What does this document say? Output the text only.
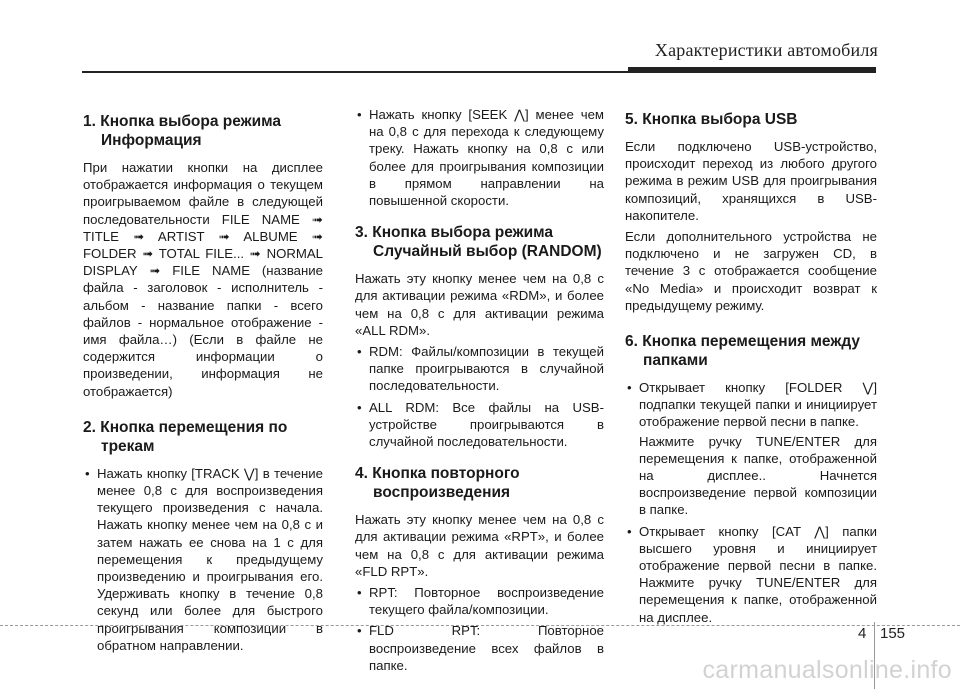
Характеристики автомобиля
1. Кнопка выбора режима Информация

При нажатии кнопки на дисплее отображается информация о текущем проигрываемом файле в следующей последовательности FILE NAME ➟ TITLE ➟ ARTIST ➟ ALBUME ➟ FOLDER ➟ TOTAL FILE... ➟ NORMAL DISPLAY ➟ FILE NAME (название файла - заголовок - исполнитель - альбом - название папки - всего файлов - нормальное отображение - имя файла…) (Если в файле не содержится информации о произведении, информация не отображается)

2. Кнопка перемещения по трекам
• Нажать кнопку [TRACK ⋁] в течение менее 0,8 с для воспроизведения текущего произведения с начала. Нажать кнопку менее чем на 0,8 с и затем нажать ее снова на 1 с для перемещения к предыдущему произведению и проигрывания его. Удерживать кнопку в течение 0,8 секунд или более для быстрого проигрывания композиции в обратном направлении.
• Нажать кнопку [SEEK ⋀] менее чем на 0,8 с для перехода к следующему треку. Нажать кнопку на 0,8 с или более для проигрывания композиции в прямом направлении на повышенной скорости.
3. Кнопка выбора режима Случайный выбор (RANDOM)

Нажать эту кнопку менее чем на 0,8 с для активации режима «RDM», и более чем на 0,8 с для активации режима «ALL RDM».

• RDM: Файлы/композиции в текущей папке проигрываются в случайной последовательности.
• ALL RDM: Все файлы на USB-устройстве проигрываются в случайной последовательности.
4. Кнопка повторного воспроизведения

Нажать эту кнопку менее чем на 0,8 с для активации режима «RPT», и более чем на 0,8 с для активации режима «FLD RPT».

• RPT: Повторное воспроизведение текущего файла/композиции.
• FLD RPT: Повторное воспроизведение всех файлов в папке.
5. Кнопка выбора USB

Если подключено USB-устройство, происходит переход из любого другого режима в режим USB для проигрывания композиций, хранящихся в USB-накопителе.

Если дополнительного устройства не подключено и не загружен CD, в течение 3 с отображается сообщение «No Media» и происходит возврат к предыдущему режиму.

6. Кнопка перемещения между папками
• Открывает кнопку [FOLDER ⋁] подпапки текущей папки и инициирует отображение первой песни в папке.
Нажмите ручку TUNE/ENTER для перемещения к папке, отображенной на дисплее.. Начнется воспроизведение первой композиции в папке.
• Открывает кнопку [CAT ⋀] папки высшего уровня и инициирует отображение первой песни в папке. Нажмите ручку TUNE/ENTER для перемещения к папке, отображенной на дисплее.
4 155
carmanualsonline.info
